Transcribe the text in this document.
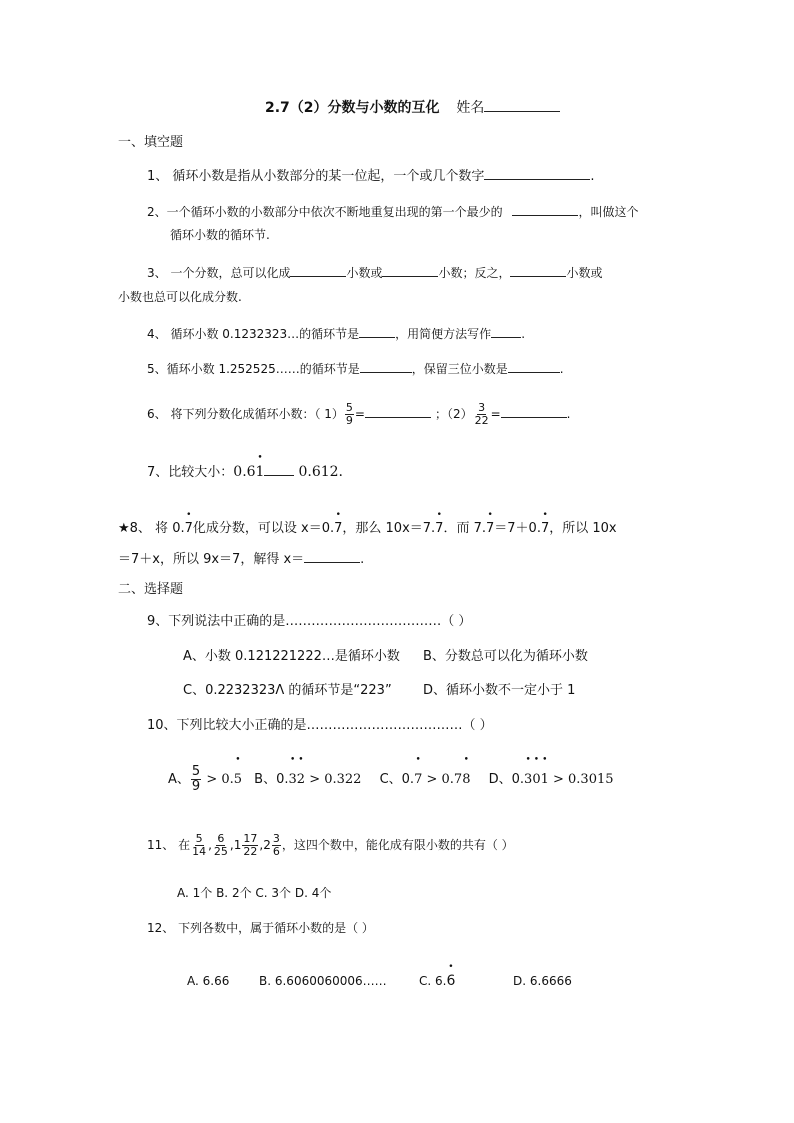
2.7（2）分数与小数的互化 姓名
一、填空题
1、 循环小数是指从小数部分的某一位起，一个或几个数字	.
2、一个循环小数的小数部分中依次不断地重复出现的第一个最少的	，叫做这个
循环小数的循环节.
3、 一个分数，总可以化成	小数或	小数；反之，	小数或
小数也总可以化成分数.
4、 循环小数 0.1232323…的循环节是	，用简便方法写作	.
5、循环小数 1.252525……的循环节是	，保留三位小数是	.
6、 将下列分数化成循环小数：（ $1) \frac{5}{9}$ =	；$(2) \frac{3}{22}$ =	.
7、比较大小：0.6• 1 0.612.
★8、 将 0.• 7化成分数，可以设 x＝0.• 7，那么 10x＝7.• 7．而 7.• 7＝7＋0.• 7，所以 10x
＝7＋x，所以 9x＝7，解得 x＝	.
二、选择题
9、下列说法中正确的是………………………………（ ）
A、小数 0.121221222…是循环小数 B、分数总可以化为循环小数
C、0.2232323Λ 的循环节是“223” D、循环小数不一定小于 1
10、下列比较大小正确的是………………………………（ ）
A、 $\frac{5}{9}$ > 0.• 5 B、0.• 3• 2 > 0.322 C、0.• 7 > 0.7• 8 D、0.• 3• 0• 1 > 0.3015
11、 在 $\frac{5}{14}$ , $\frac{6}{25} ,1 \frac{17}{22} ,2 \frac{3}{6}$ ，这四个数中，能化成有限小数的共有（ ）
A. 1个 B. 2个 C. 3个 D. 4个
12、 下列各数中，属于循环小数的是（ ）
A. 6.66 B. 6.6060060006……	C. 6.• 6	D. 6.6666
